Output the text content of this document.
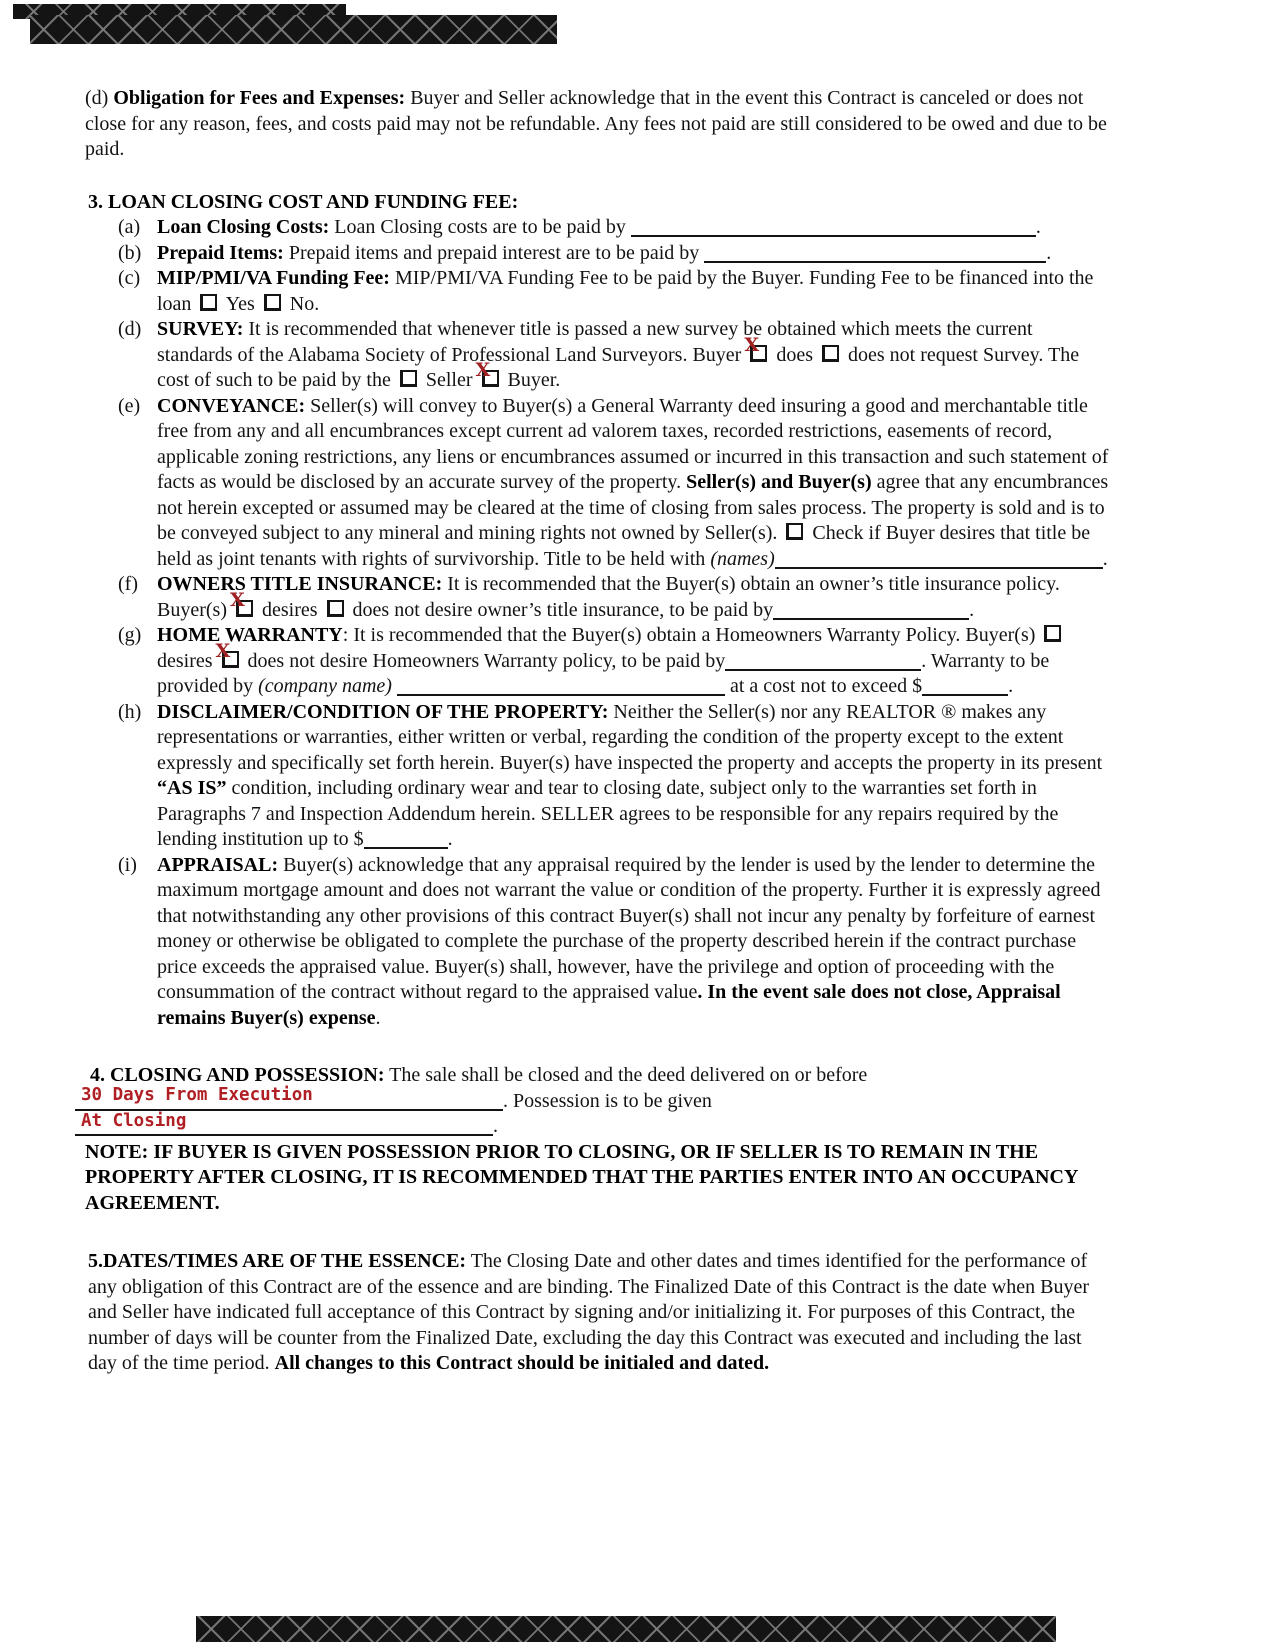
(d) Obligation for Fees and Expenses: Buyer and Seller acknowledge that in the event this Contract is canceled or does not close for any reason, fees, and costs paid may not be refundable. Any fees not paid are still considered to be owed and due to be paid.

3. LOAN CLOSING COST AND FUNDING FEE:

(a) Loan Closing Costs: Loan Closing costs are to be paid by	.
(b) Prepaid Items: Prepaid items and prepaid interest are to be paid by	.
(c) MIP/PMI/VA Funding Fee: MIP/PMI/VA Funding Fee to be paid by the Buyer. Funding Fee to be financed into the loan  Yes  No.
(d) SURVEY: It is recommended that whenever title is passed a new survey be obtained which meets the current standards of the Alabama Society of Professional Land Surveyors. Buyer
X does  does not request Survey. The cost of such to be paid by the  Seller
X Buyer.
(e) CONVEYANCE: Seller(s) will convey to Buyer(s) a General Warranty deed insuring a good and merchantable title free from any and all encumbrances except current ad valorem taxes, recorded restrictions, easements of record, applicable zoning restrictions, any liens or encumbrances assumed or incurred in this transaction and such statement of facts as would be disclosed by an accurate survey of the property. Seller(s) and Buyer(s) agree that any encumbrances not herein excepted or assumed may be cleared at the time of closing from sales process. The property is sold and is to be conveyed subject to any mineral and mining rights not owned by Seller(s).  Check if Buyer desires that title be held as joint tenants with rights of survivorship. Title to be held with (names)	.
(f) OWNERS TITLE INSURANCE: It is recommended that the Buyer(s) obtain an owner’s title insurance policy. Buyer(s)
X desires  does not desire owner’s title insurance, to be paid by	.
(g) HOME WARRANTY: It is recommended that the Buyer(s) obtain a Homeowners Warranty Policy. Buyer(s)  desires
X does not desire Homeowners Warranty policy, to be paid by	. Warranty to be provided by (company name)	at a cost not to exceed $	.
(h) DISCLAIMER/CONDITION OF THE PROPERTY: Neither the Seller(s) nor any REALTOR ® makes any representations or warranties, either written or verbal, regarding the condition of the property except to the extent expressly and specifically set forth herein. Buyer(s) have inspected the property and accepts the property in its present “AS IS” condition, including ordinary wear and tear to closing date, subject only to the warranties set forth in Paragraphs 7 and Inspection Addendum herein. SELLER agrees to be responsible for any repairs required by the lending institution up to $	.
(i) APPRAISAL: Buyer(s) acknowledge that any appraisal required by the lender is used by the lender to determine the maximum mortgage amount and does not warrant the value or condition of the property. Further it is expressly agreed that notwithstanding any other provisions of this contract Buyer(s) shall not incur any penalty by forfeiture of earnest money or otherwise be obligated to complete the purchase of the property described herein if the contract purchase price exceeds the appraised value. Buyer(s) shall, however, have the privilege and option of proceeding with the consummation of the contract without regard to the appraised value. In the event sale does not close, Appraisal remains Buyer(s) expense.

4. CLOSING AND POSSESSION: The sale shall be closed and the deed delivered on or before

30 Days From Execution	. Possession is to be given
At Closing	.

NOTE: IF BUYER IS GIVEN POSSESSION PRIOR TO CLOSING, OR IF SELLER IS TO REMAIN IN THE PROPERTY AFTER CLOSING, IT IS RECOMMENDED THAT THE PARTIES ENTER INTO AN OCCUPANCY AGREEMENT.

5.DATES/TIMES ARE OF THE ESSENCE: The Closing Date and other dates and times identified for the performance of any obligation of this Contract are of the essence and are binding. The Finalized Date of this Contract is the date when Buyer and Seller have indicated full acceptance of this Contract by signing and/or initializing it. For purposes of this Contract, the number of days will be counter from the Finalized Date, excluding the day this Contract was executed and including the last day of the time period. All changes to this Contract should be initialed and dated.
